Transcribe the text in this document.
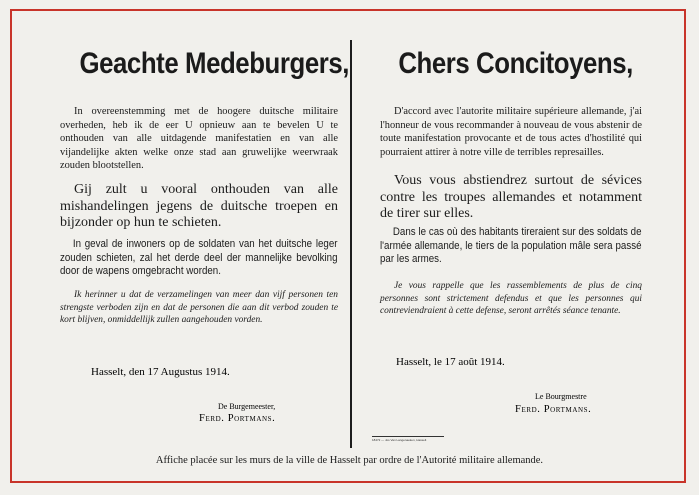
Geachte Medeburgers,

In overeenstemming met de hoogere duitsche militaire overheden, heb ik de eer U opnieuw aan te bevelen U te onthouden van alle uitdagende manifestatien en van alle vijandelijke akten welke onze stad aan gruwelijke weerwraak zouden blootstellen.

Gij zult u vooral onthouden van alle mishandelingen jegens de duitsche troepen en bijzonder op hun te schieten.

In geval de inwoners op de soldaten van het duitsche leger zouden schieten, zal het derde deel der mannelijke bevolking door de wapens omgebracht worden.

Ik herinner u dat de verzamelingen van meer dan vijf personen ten strengste verboden zijn en dat de personen die aan dit verbod zouden te kort blijven, onmiddellijk zullen aangehouden vorden.

Hasselt, den 17 Augustus 1914.

De Burgemeester,

Ferd. Portmans.

Chers Concitoyens,

D'accord avec l'autorite militaire supérieure allemande, j'ai l'honneur de vous recommander à nouveau de vous abstenir de toute manifestation provocante et de tous actes d'hostilité qui pourraient attirer à notre ville de terribles represailles.

Vous vous abstiendrez surtout de sévices contre les troupes allemandes et notamment de tirer sur elles.

Dans le cas où des habitants tireraient sur des soldats de l'armée allemande, le tiers de la population mâle sera passé par les armes.

Je vous rappelle que les rassemblements de plus de cinq personnes sont strictement defendus et que les personnes qui contreviendraient à cette defense, seront arrêtés séance tenante.

Hasselt, le 17 août 1914.

Le Bourgmestre

Ferd. Portmans.

18472 — Jos Van Langenaeken, Hasselt

Affiche placée sur les murs de la ville de Hasselt par ordre de l'Autorité militaire allemande.
